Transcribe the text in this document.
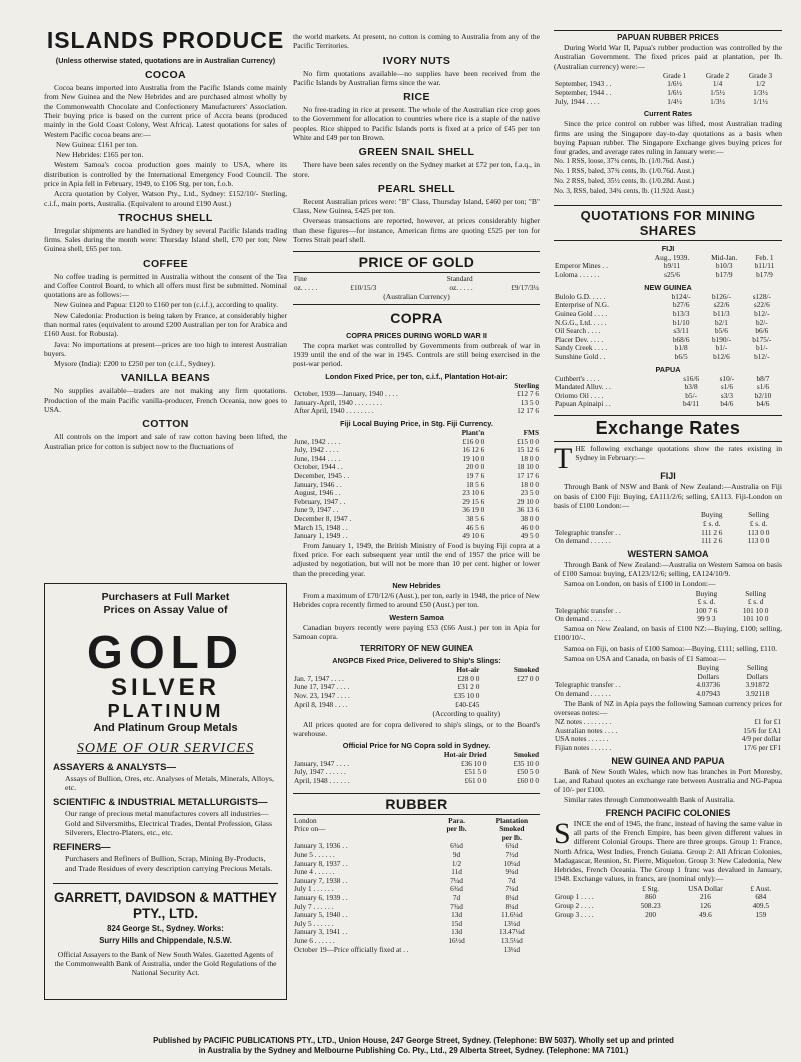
ISLANDS PRODUCE
(Unless otherwise stated, quotations are in Australian Currency)
COCOA
Cocoa beans imported into Australia from the Pacific Islands come mainly from New Guinea and the New Hebrides and are purchased almost wholly by the Commonwealth Chocolate and Confectionery Manufacturers' Association. Their buying price is based on the current price of Accra beans (produced mainly in the Gold Coast Colony, West Africa). Latest quotations for sales of Western Pacific cocoa beans are:—
New Guinea: £161 per ton.
New Hebrides: £165 per ton.
Western Samoa's cocoa production goes mainly to USA, where its distribution is controlled by the International Emergency Food Council. The price in Apia fell in February, 1949, to £106 Stg. per ton, f.o.b.
Accra quotation by Colyer, Watson Pty., Ltd., Sydney: £152/10/- Sterling, c.i.f., main ports, Australia. (Equivalent to around £190 Aust.)
TROCHUS SHELL
Irregular shipments are handled in Sydney by several Pacific Islands trading firms. Sales during the month were: Thursday Island shell, £70 per ton; New Guinea shell, £65 per ton.
COFFEE
No coffee trading is permitted in Australia without the consent of the Tea and Coffee Control Board, to which all offers must first be submitted. Nominal quotations are as follows:—
New Guinea and Papua: £120 to £160 per ton (c.i.f.), according to quality.
New Caledonia: Production is being taken by France, at considerably higher than normal rates (equivalent to around £200 Australian per ton for Arabica and £160 Aust. for Robusta).
Java: No importations at present—prices are too high to interest Australian buyers.
Mysore (India): £200 to £250 per ton (c.i.f., Sydney).
VANILLA BEANS
No supplies available—traders are not making any firm quotations. Production of the main Pacific vanilla-producer, French Oceania, now goes to USA.
COTTON
All controls on the import and sale of raw cotton having been lifted, the Australian price for cotton is subject now to the fluctuations of
Purchasers at Full Market
Prices on Assay Value of
GOLD
SILVER
PLATINUM
And Platinum Group Metals
SOME OF OUR SERVICES
ASSAYERS & ANALYSTS—
Assays of Bullion, Ores, etc. Analyses of Metals, Minerals, Alloys, etc.
SCIENTIFIC & INDUSTRIAL METALLURGISTS—
Our range of precious metal manufactures covers all industries—Gold and Silversmiths, Electrical Trades, Dental Profession, Glass Silverers, Electro-Platers, etc., etc.
REFINERS—
Purchasers and Refiners of Bullion, Scrap, Mining By-Products, and Trade Residues of every description carrying Precious Metals.
GARRETT, DAVIDSON & MATTHEY PTY., LTD.
824 George St., Sydney. Works:
Surry Hills and Chippendale, N.S.W.
Official Assayers to the Bank of New South Wales. Gazetted Agents of the Commonwealth Bank of Australia, under the Gold Regulations of the National Security Act.
the world markets. At present, no cotton is coming to Australia from any of the Pacific Territories.
IVORY NUTS
No firm quotations available—no supplies have been received from the Pacific Islands by Australian firms since the war.
RICE
No free-trading in rice at present. The whole of the Australian rice crop goes to the Government for allocation to countries where rice is a staple of the native peoples. Rice shipped to Pacific Islands ports is fixed at a price of £45 per ton White and £49 per ton Brown.
GREEN SNAIL SHELL
There have been sales recently on the Sydney market at £72 per ton, f.a.q., in store.
PEARL SHELL
Recent Australian prices were: "B" Class, Thursday Island, £460 per ton; "B" Class, New Guinea, £425 per ton.
Overseas transactions are reported, however, at prices considerably higher than these figures—for instance, American firms are quoting £525 per ton for Torres Strait pearl shell.
PRICE OF GOLD
Fine		Standard	
oz. . . . .	£10/15/3	oz. . . . .	£9/17/3¼
(Australian Currency)
COPRA
COPRA PRICES DURING WORLD WAR II
The copra market was controlled by Governments from outbreak of war in 1939 until the end of the war in 1945. Controls are still being exercised in the post-war period.
London Fixed Price, per ton, c.i.f., Plantation Hot-air:
	Sterling
October, 1939—January, 1940 . . . .	£12 7 6
January-April, 1940 . . . . . . . .	13 5 0
After April, 1940 . . . . . . . .	12 17 6
Fiji Local Buying Price, in Stg. Fiji Currency.
	Plant'n	FMS
June, 1942 . . . .	£16 0 0	£15 0 0
July, 1942 . . . .	16 12 6	15 12 6
June, 1944 . . . .	19 10 0	18 0 0
October, 1944 . .	20 0 0	18 10 0
December, 1945 . .	19 7 6	17 17 6
January, 1946 . .	18 5 6	18 0 0
August, 1946 . .	23 10 6	23 5 0
February, 1947 . .	29 15 6	29 10 0
June 9, 1947 . .	36 19 0	36 13 6
December 8, 1947 .	38 5 6	38 0 0
March 15, 1948 . .	46 5 6	46 0 0
January 1, 1949 . .	49 10 6	49 5 0
From January 1, 1949, the British Ministry of Food is buying Fiji copra at a fixed price. For each subsequent year until the end of 1957 the price will be adjusted by negotiation, but will not be more than 10 per cent. higher or lower than the preceding year.
New Hebrides
From a maximum of £70/12/6 (Aust.), per ton, early in 1948, the price of New Hebrides copra recently firmed to around £50 (Aust.) per ton.
Western Samoa
Canadian buyers recently were paying £53 (£66 Aust.) per ton in Apia for Samoan copra.
TERRITORY OF NEW GUINEA
ANGPCB Fixed Price, Delivered to Ship's Slings:
	Hot-air	Smoked
Jan. 7, 1947 . . . .	£28 0 0	£27 0 0
June 17, 1947 . . . .	£31 2 0	
Nov. 23, 1947 . . . .	£35 10 0	
April 8, 1948 . . . .	£40-£45	
(According to quality)
All prices quoted are for copra delivered to ship's slings, or to the Board's warehouse.
Official Price for NG Copra sold in Sydney.
	Hot-air Dried	Smoked
January, 1947 . . . .	£36 10 0	£35 10 0
July, 1947 . . . . . .	£51 5 0	£50 5 0
April, 1948 . . . . . .	£61 0 0	£60 0 0
RUBBER
London	Para.	Plantation
Price on—	per lb.	Smoked
		per lb.
January 3, 1936 . .	6¾d	6¾d
June 5 . . . . . .	9d	7½d
January 8, 1937 . .	1/2	10¼d
June 4 . . . . . .	11d	9¾d
January 7, 1938 . .	7¼d	7d
July 1 . . . . . .	6¾d	7¼d
January 6, 1939 . .	7d	8¼d
July 7 . . . . . .	7¾d	8¼d
January 5, 1940 . .	13d	11.6¼d
July 5 . . . . . .	15d	13¼d
January 3, 1941 . .	13d	13.47¼d
June 6 . . . . . .	16½d	13.5¼d
October 19—Price officially fixed at . .		13¼d
PAPUAN RUBBER PRICES
During World War II, Papua's rubber production was controlled by the Australian Government. The fixed prices paid at plantation, per lb. (Australian currency) were:—
	Grade 1	Grade 2	Grade 3
September, 1943 . .	1/6½	1/4	1/2
September, 1944 . .	1/6½	1/5½	1/3½
July, 1944 . . . .	1/4½	1/3½	1/1½
Current Rates
Since the price control on rubber was lifted, most Australian trading firms are using the Singapore day-to-day quotations as a basis when buying Papuan rubber. The Singapore Exchange gives buying prices for four grades, and average rates ruling in January were:—
No. 1 RSS, loose, 37¾ cents, lb. (1/0.76d. Aust.)
No. 1 RSS, baled, 37¾ cents, lb. (1/0.76d. Aust.)
No. 2 RSS, baled, 35½ cents, lb. (1/0.28d. Aust.)
No. 3, RSS, baled, 34¾ cents, lb. (11.92d. Aust.)
QUOTATIONS FOR MINING
SHARES
FIJI
	Aug., 1939.	Mid-Jan.	Feb. 1
Emperor Mines . .	b9/11	b10/3	b11/11
Loloma . . . . . .	s25/6	b17/9	b17/9
NEW GUINEA
Bulolo G.D. . . . .	b124/-	b126/-	s128/-
Enterprise of N.G.	b27/6	s22/6	s22/6
Guinea Gold . . . .	b13/3	b11/3	b12/-
N.G.G., Ltd. . . . .	b1/10	b2/1	b2/-
Oil Search . . . .	s3/11	b5/6	b6/6
Placer Dev. . . . .	b68/6	b190/-	b175/-
Sandy Creek . . . .	b1/8	b1/-	b1/-
Sunshine Gold . .	b6/5	b12/6	b12/-
PAPUA
Cuthbert's . . . .	s16/6	s10/-	b8/7
Mandated Alluv. . .	b3/8	s1/6	s1/6
Oriomo Oil . . . .	b5/-	s3/3	b2/10
Papuan Apinaipi . .	b4/11	b4/6	b4/6
Exchange Rates
THE following exchange quotations show the rates existing in Sydney in February:—
FIJI
Through Bank of NSW and Bank of New Zealand:—Australia on Fiji on basis of £100 Fiji: Buying, £A111/2/6; selling, £A113. Fiji-London on basis of £100 London:—
	Buying	Selling
	£ s. d.	£ s. d.
Telegraphic transfer . .	111 2 6	113 0 0
On demand . . . . . .	111 2 6	113 0 0
WESTERN SAMOA
Through Bank of New Zealand:—Australia on Western Samoa on basis of £100 Samoa: buying, £A123/12/6; selling, £A124/10/9.
Samoa on London, on basis of £100 in London:—
	Buying	Selling
	£ s. d.	£ s. d
Telegraphic transfer . .	100 7 6	101 10 0
On demand . . . . . .	99 9 3	101 10 0
Samoa on New Zealand, on basis of £100 NZ:—Buying, £100; selling, £100/10/-.
Samoa on Fiji, on basis of £100 Samoa:—Buying, £111; selling, £110.
Samoa on USA and Canada, on basis of £1 Samoa:—
	Buying	Selling
	Dollars	Dollars
Telegraphic transfer . .	4.03736	3.91872
On demand . . . . . .	4.07943	3.92118
The Bank of NZ in Apia pays the following Samoan currency prices for overseas notes:—
NZ notes . . . . . . . .	£1 for £1
Australian notes . . . .	15/6 for £A1
USA notes . . . . . .	4/9 per dollar
Fijian notes . . . . . .	17/6 per £F1
NEW GUINEA AND PAPUA
Bank of New South Wales, which now has branches in Port Moresby, Lae, and Rabaul quotes an exchange rate between Australia and NG-Papua of 10/- per £100.
Similar rates through Commonwealth Bank of Australia.
FRENCH PACIFIC COLONIES
SINCE the end of 1945, the franc, instead of having the same value in all parts of the French Empire, has been given different values in different Colonial Groups. There are three groups. Group 1: France, North Africa, West Indies, French Guiana. Group 2: All African Colonies, Madagascar, Reunion, St. Pierre, Miquelon. Group 3: New Caledonia, New Hebrides, French Oceania. The Group 1 franc was devalued in January, 1948. Exchange values, in francs, are (nominal only):—
	£ Stg.	USA Dollar	£ Aust.
Group 1 . . . .	860	216	684
Group 2 . . . .	508.23	126	409.5
Group 3 . . . .	200	49.6	159
Published by PACIFIC PUBLICATIONS PTY., LTD., Union House, 247 George Street, Sydney. (Telephone: BW 5037). Wholly set up and printed
in Australia by the Sydney and Melbourne Publishing Co. Pty., Ltd., 29 Alberta Street, Sydney. (Telephone: MA 7101.)
